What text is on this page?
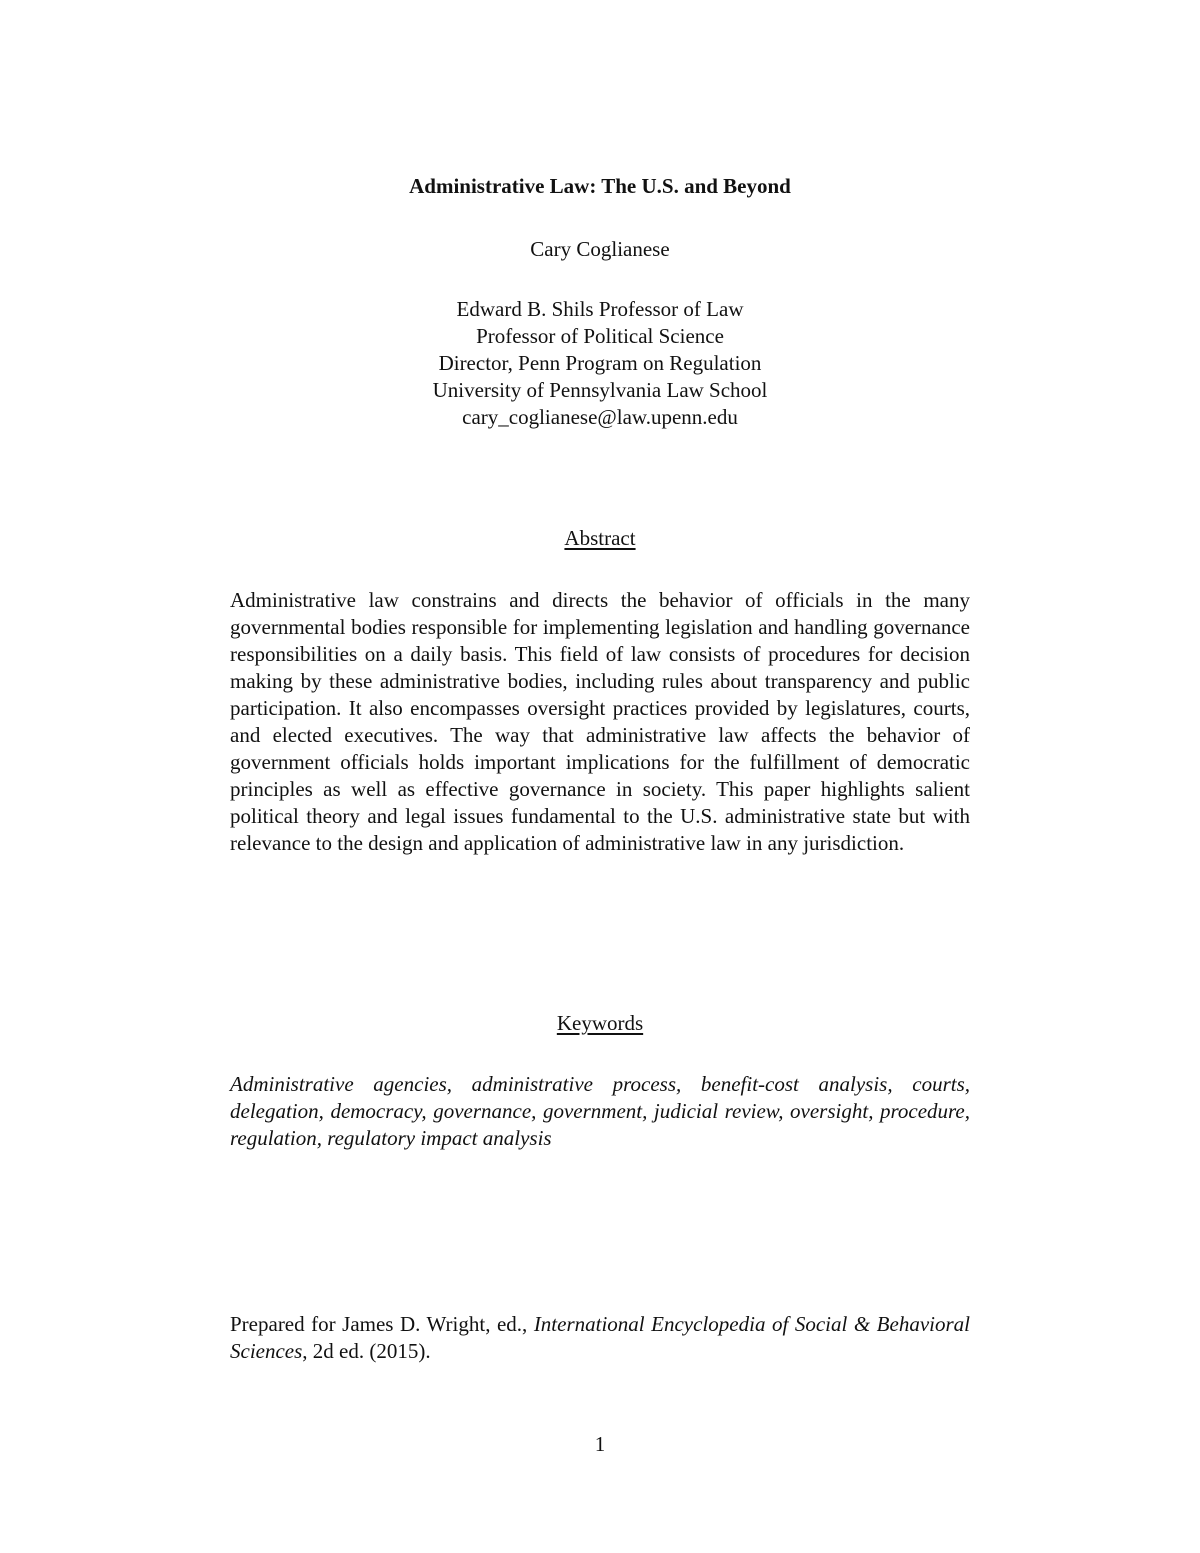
Administrative Law: The U.S. and Beyond
Cary Coglianese
Edward B. Shils Professor of Law
Professor of Political Science
Director, Penn Program on Regulation
University of Pennsylvania Law School
cary_coglianese@law.upenn.edu
Abstract
Administrative law constrains and directs the behavior of officials in the many governmental bodies responsible for implementing legislation and handling governance responsibilities on a daily basis. This field of law consists of procedures for decision making by these administrative bodies, including rules about transparency and public participation. It also encompasses oversight practices provided by legislatures, courts, and elected executives. The way that administrative law affects the behavior of government officials holds important implications for the fulfillment of democratic principles as well as effective governance in society. This paper highlights salient political theory and legal issues fundamental to the U.S. administrative state but with relevance to the design and application of administrative law in any jurisdiction.
Keywords
Administrative agencies, administrative process, benefit-cost analysis, courts, delegation, democracy, governance, government, judicial review, oversight, procedure, regulation, regulatory impact analysis
Prepared for James D. Wright, ed., International Encyclopedia of Social & Behavioral Sciences, 2d ed. (2015).
1
